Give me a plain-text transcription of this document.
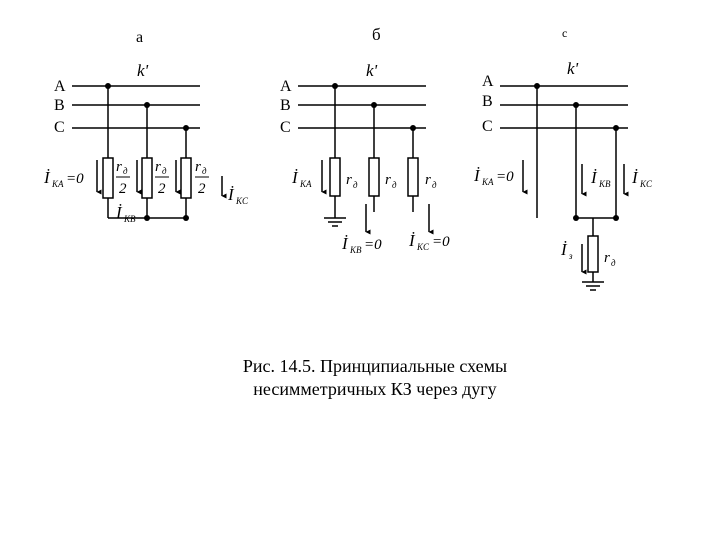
а
A
B
C
k'
r д
2
r д
2
r д
2
İ KA =0
İ KB
İ KC
б
A
B
C
k'
r д r д r д
İ KA
İ KB =0 İ KC =0
с
A
B
C
k'
r д
İ KA =0	İ KB İ KC
İ з
Рис. 14.5. Принципиальные схемы
несимметричных КЗ через дугу
